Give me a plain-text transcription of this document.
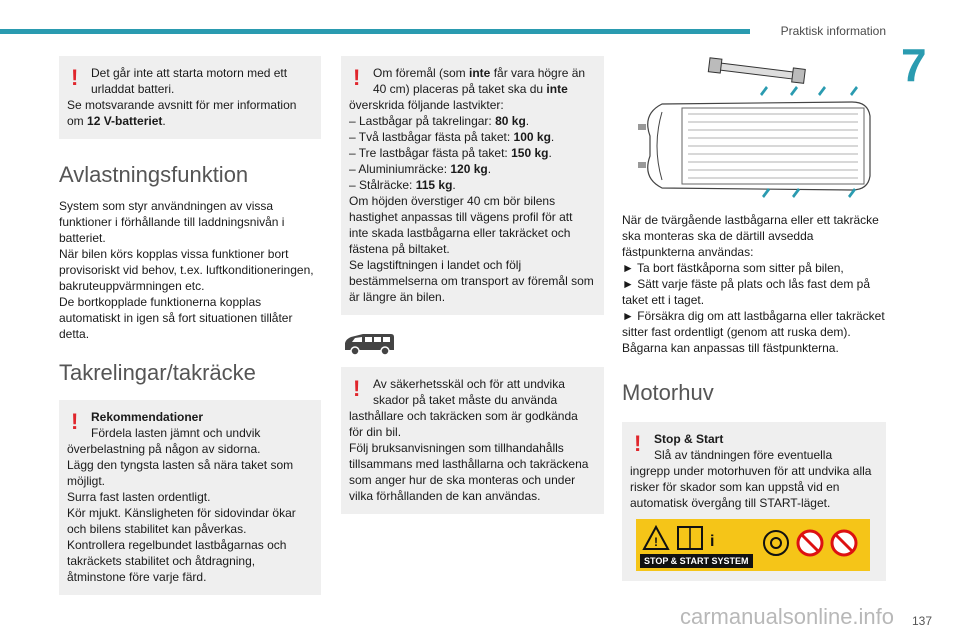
Praktisk information
7
!	Det går inte att starta motorn med ett
urladdat batteri.

Se motsvarande avsnitt för mer information om 12 V-batteriet.

Avlastningsfunktion

System som styr användningen av vissa funktioner i förhållande till laddningsnivån i batteriet.

När bilen körs kopplas vissa funktioner bort provisoriskt vid behov, t.ex. luftkonditioneringen, bakruteuppvärmningen etc.

De bortkopplade funktionerna kopplas automatiskt in igen så fort situationen tillåter detta.

Takrelingar/takräcke
!	Rekommendationer
Fördela lasten jämnt och undvik

överbelastning på någon av sidorna.

Lägg den tyngsta lasten så nära taket som möjligt.

Surra fast lasten ordentligt.

Kör mjukt. Känsligheten för sidovindar ökar och bilens stabilitet kan påverkas.

Kontrollera regelbundet lastbågarnas och takräckets stabilitet och åtdragning, åtminstone före varje färd.

!	Om föremål (som inte får vara högre än
40 cm) placeras på taket ska du inte

överskrida följande lastvikter:

– Lastbågar på takrelingar: 80 kg.

– Två lastbågar fästa på taket: 100 kg.

– Tre lastbågar fästa på taket: 150 kg.

– Aluminiumräcke: 120 kg.

– Stålräcke: 115 kg.

Om höjden överstiger 40 cm bör bilens hastighet anpassas till vägens profil för att inte skada lastbågarna eller takräcket och fästena på biltaket.

Se lagstiftningen i landet och följ bestämmelserna om transport av föremål som är längre än bilen.

!	Av säkerhetsskäl och för att undvika
skador på taket måste du använda

lasthållare och takräcken som är godkända för din bil.

Följ bruksanvisningen som tillhandahålls tillsammans med lasthållarna och takräckena som anger hur de ska monteras och under vilka förhållanden de kan användas.

När de tvärgående lastbågarna eller ett takräcke ska monteras ska de därtill avsedda fästpunkterna användas:

► Ta bort fästkåporna som sitter på bilen,

► Sätt varje fäste på plats och lås fast dem på taket ett i taget.

► Försäkra dig om att lastbågarna eller takräcket sitter fast ordentligt (genom att ruska dem).

Bågarna kan anpassas till fästpunkterna.

Motorhuv
!	Stop & Start
Slå av tändningen före eventuella

ingrepp under motorhuven för att undvika alla risker för skador som kan uppstå vid en automatisk övergång till START-läget.

!	i
STOP & START SYSTEM
carmanualsonline.info 137
